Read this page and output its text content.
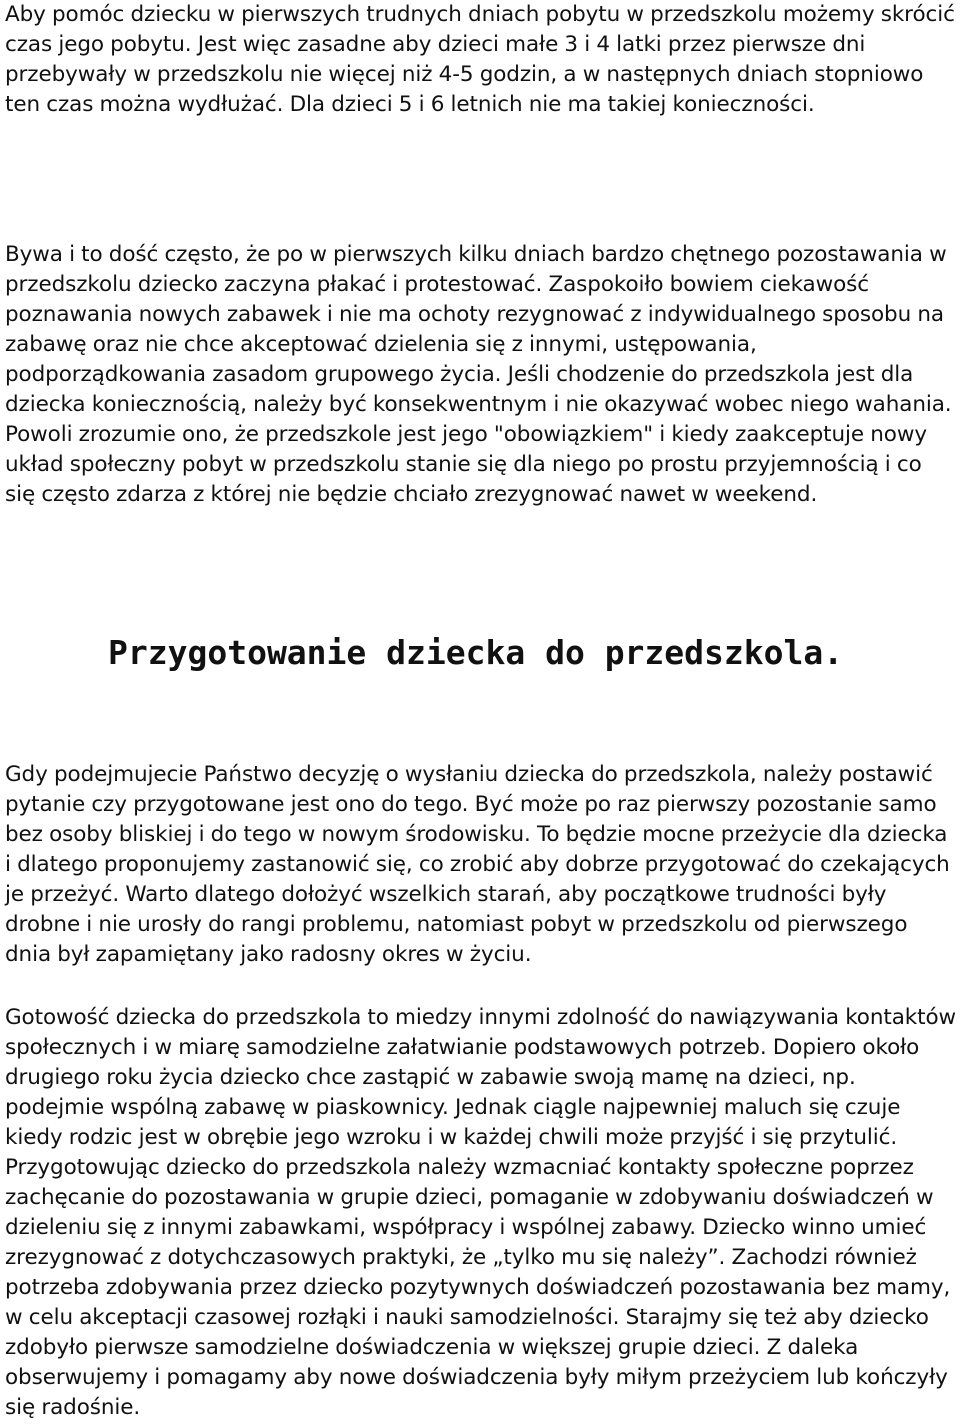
Aby pomóc dziecku w pierwszych trudnych dniach pobytu w przedszkolu możemy skrócić czas jego pobytu. Jest więc zasadne aby dzieci małe 3 i 4 latki przez pierwsze dni przebywały w przedszkolu nie więcej niż 4-5 godzin, a w następnych dniach stopniowo ten czas można wydłużać. Dla dzieci 5 i 6 letnich nie ma takiej konieczności.

Bywa i to dość często, że po w pierwszych kilku dniach bardzo chętnego pozostawania w przedszkolu dziecko zaczyna płakać i protestować. Zaspokoiło bowiem ciekawość poznawania nowych zabawek i nie ma ochoty rezygnować z indywidualnego sposobu na zabawę oraz nie chce akceptować dzielenia się z innymi, ustępowania, podporządkowania zasadom grupowego życia. Jeśli chodzenie do przedszkola jest dla dziecka koniecznością, należy być konsekwentnym i nie okazywać wobec niego wahania. Powoli zrozumie ono, że przedszkole jest jego "obowiązkiem" i kiedy zaakceptuje nowy układ społeczny pobyt w przedszkolu stanie się dla niego po prostu przyjemnością i co się często zdarza z której nie będzie chciało zrezygnować nawet w weekend.

Przygotowanie dziecka do przedszkola.

Gdy podejmujecie Państwo decyzję o wysłaniu dziecka do przedszkola, należy postawić pytanie czy przygotowane jest ono do tego. Być może po raz pierwszy pozostanie samo bez osoby bliskiej i do tego w nowym środowisku. To będzie mocne przeżycie dla dziecka i dlatego proponujemy zastanowić się, co zrobić aby dobrze przygotować do czekających je przeżyć. Warto dlatego dołożyć wszelkich starań, aby początkowe trudności były drobne i nie urosły do rangi problemu, natomiast pobyt w przedszkolu od pierwszego dnia był zapamiętany jako radosny okres w życiu.

Gotowość dziecka do przedszkola to miedzy innymi zdolność do nawiązywania kontaktów społecznych i w miarę samodzielne załatwianie podstawowych potrzeb. Dopiero około drugiego roku życia dziecko chce zastąpić w zabawie swoją mamę na dzieci, np. podejmie wspólną zabawę w piaskownicy. Jednak ciągle najpewniej maluch się czuje kiedy rodzic jest w obrębie jego wzroku i w każdej chwili może przyjść i się przytulić. Przygotowując dziecko do przedszkola należy wzmacniać kontakty społeczne poprzez zachęcanie do pozostawania w grupie dzieci, pomaganie w zdobywaniu doświadczeń w dzieleniu się z innymi zabawkami, współpracy i wspólnej zabawy. Dziecko winno umieć zrezygnować z dotychczasowych praktyki, że „tylko mu się należy”. Zachodzi również potrzeba zdobywania przez dziecko pozytywnych doświadczeń pozostawania bez mamy, w celu akceptacji czasowej rozłąki i nauki samodzielności. Starajmy się też aby dziecko zdobyło pierwsze samodzielne doświadczenia w większej grupie dzieci. Z daleka obserwujemy i pomagamy aby nowe doświadczenia były miłym przeżyciem lub kończyły się radośnie.
